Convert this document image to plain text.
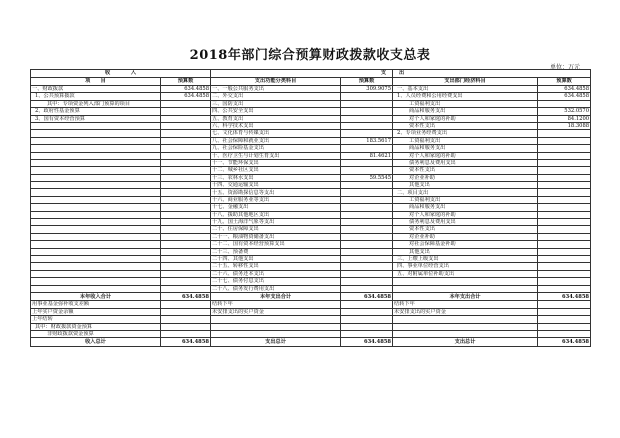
2018年部门综合预算财政拨款收支总表
单位：万元
收　　　　入		支		出	
项　　目	预算数	支出功能分类科目	预算数	支出部门经济科目	预算数
一、财政拨款	634.4858	一、一般公共服务支出	309.9075	一、基本支出	634.4858
1、公共预算拨款	634.4858	二、外交支出		1、人员经费和公用经费支出	634.4858
其中：专项资金列入部门预算的项目		三、国防支出		工资福利支出	
2、政府性基金预算		四、公共安全支出		商品和服务支出	532.0570
3、国有资本经营预算		五、教育支出		对个人和家庭的补助	84.1200
		六、科学技术支出		资本性支出	18.3088
		七、文化体育与传媒支出		2、专项业务经费支出	
		八、社会保障和就业支出	183.5617	工资福利支出	
		九、社会保险基金支出		商品和服务支出	
		十、医疗卫生与计划生育支出	81.4621	对个人和家庭的补助	
		十一、节能环保支出		债务利息及费用支出	
		十二、城乡社区支出		资本性支出	
		十三、农林水支出	59.5545	对企业补助	
		十四、交通运输支出		其他支出	
		十五、资源勘探信息等支出		二、项目支出	
		十六、商业服务业等支出		工资福利支出	
		十七、金融支出		商品和服务支出	
		十八、援助其他地区支出		对个人和家庭的补助	
		十九、国土海洋气象等支出		债务利息及费用支出	
		二十、住房保障支出		资本性支出	
		二十一、粮油物资储备支出		对企业补助	
		二十二、国有资本经营预算支出		对社会保障基金补助	
		二十三、预备费		其他支出	
		二十四、其他支出		三、上缴上级支出	
		二十五、转移性支出		四、事业单位经营支出	
		二十六、债务还本支出		五、对附属单位补助支出	
		二十七、债务付息支出			
		二十八、债务发行费用支出			
本年收入合计	634.4858	本年支出合计	634.4858	本年支出合计	634.4858
用事业基金弥补收支差额		结转下年		结转下年	
上年实户资金余额		未安排支出的实户资金		未安排支出的实户资金	
上年结转					
其中：财政拨款资金预算					
非财政拨款资金预算					
收入总计	634.4858	支出总计	634.4858	支出总计	634.4858
